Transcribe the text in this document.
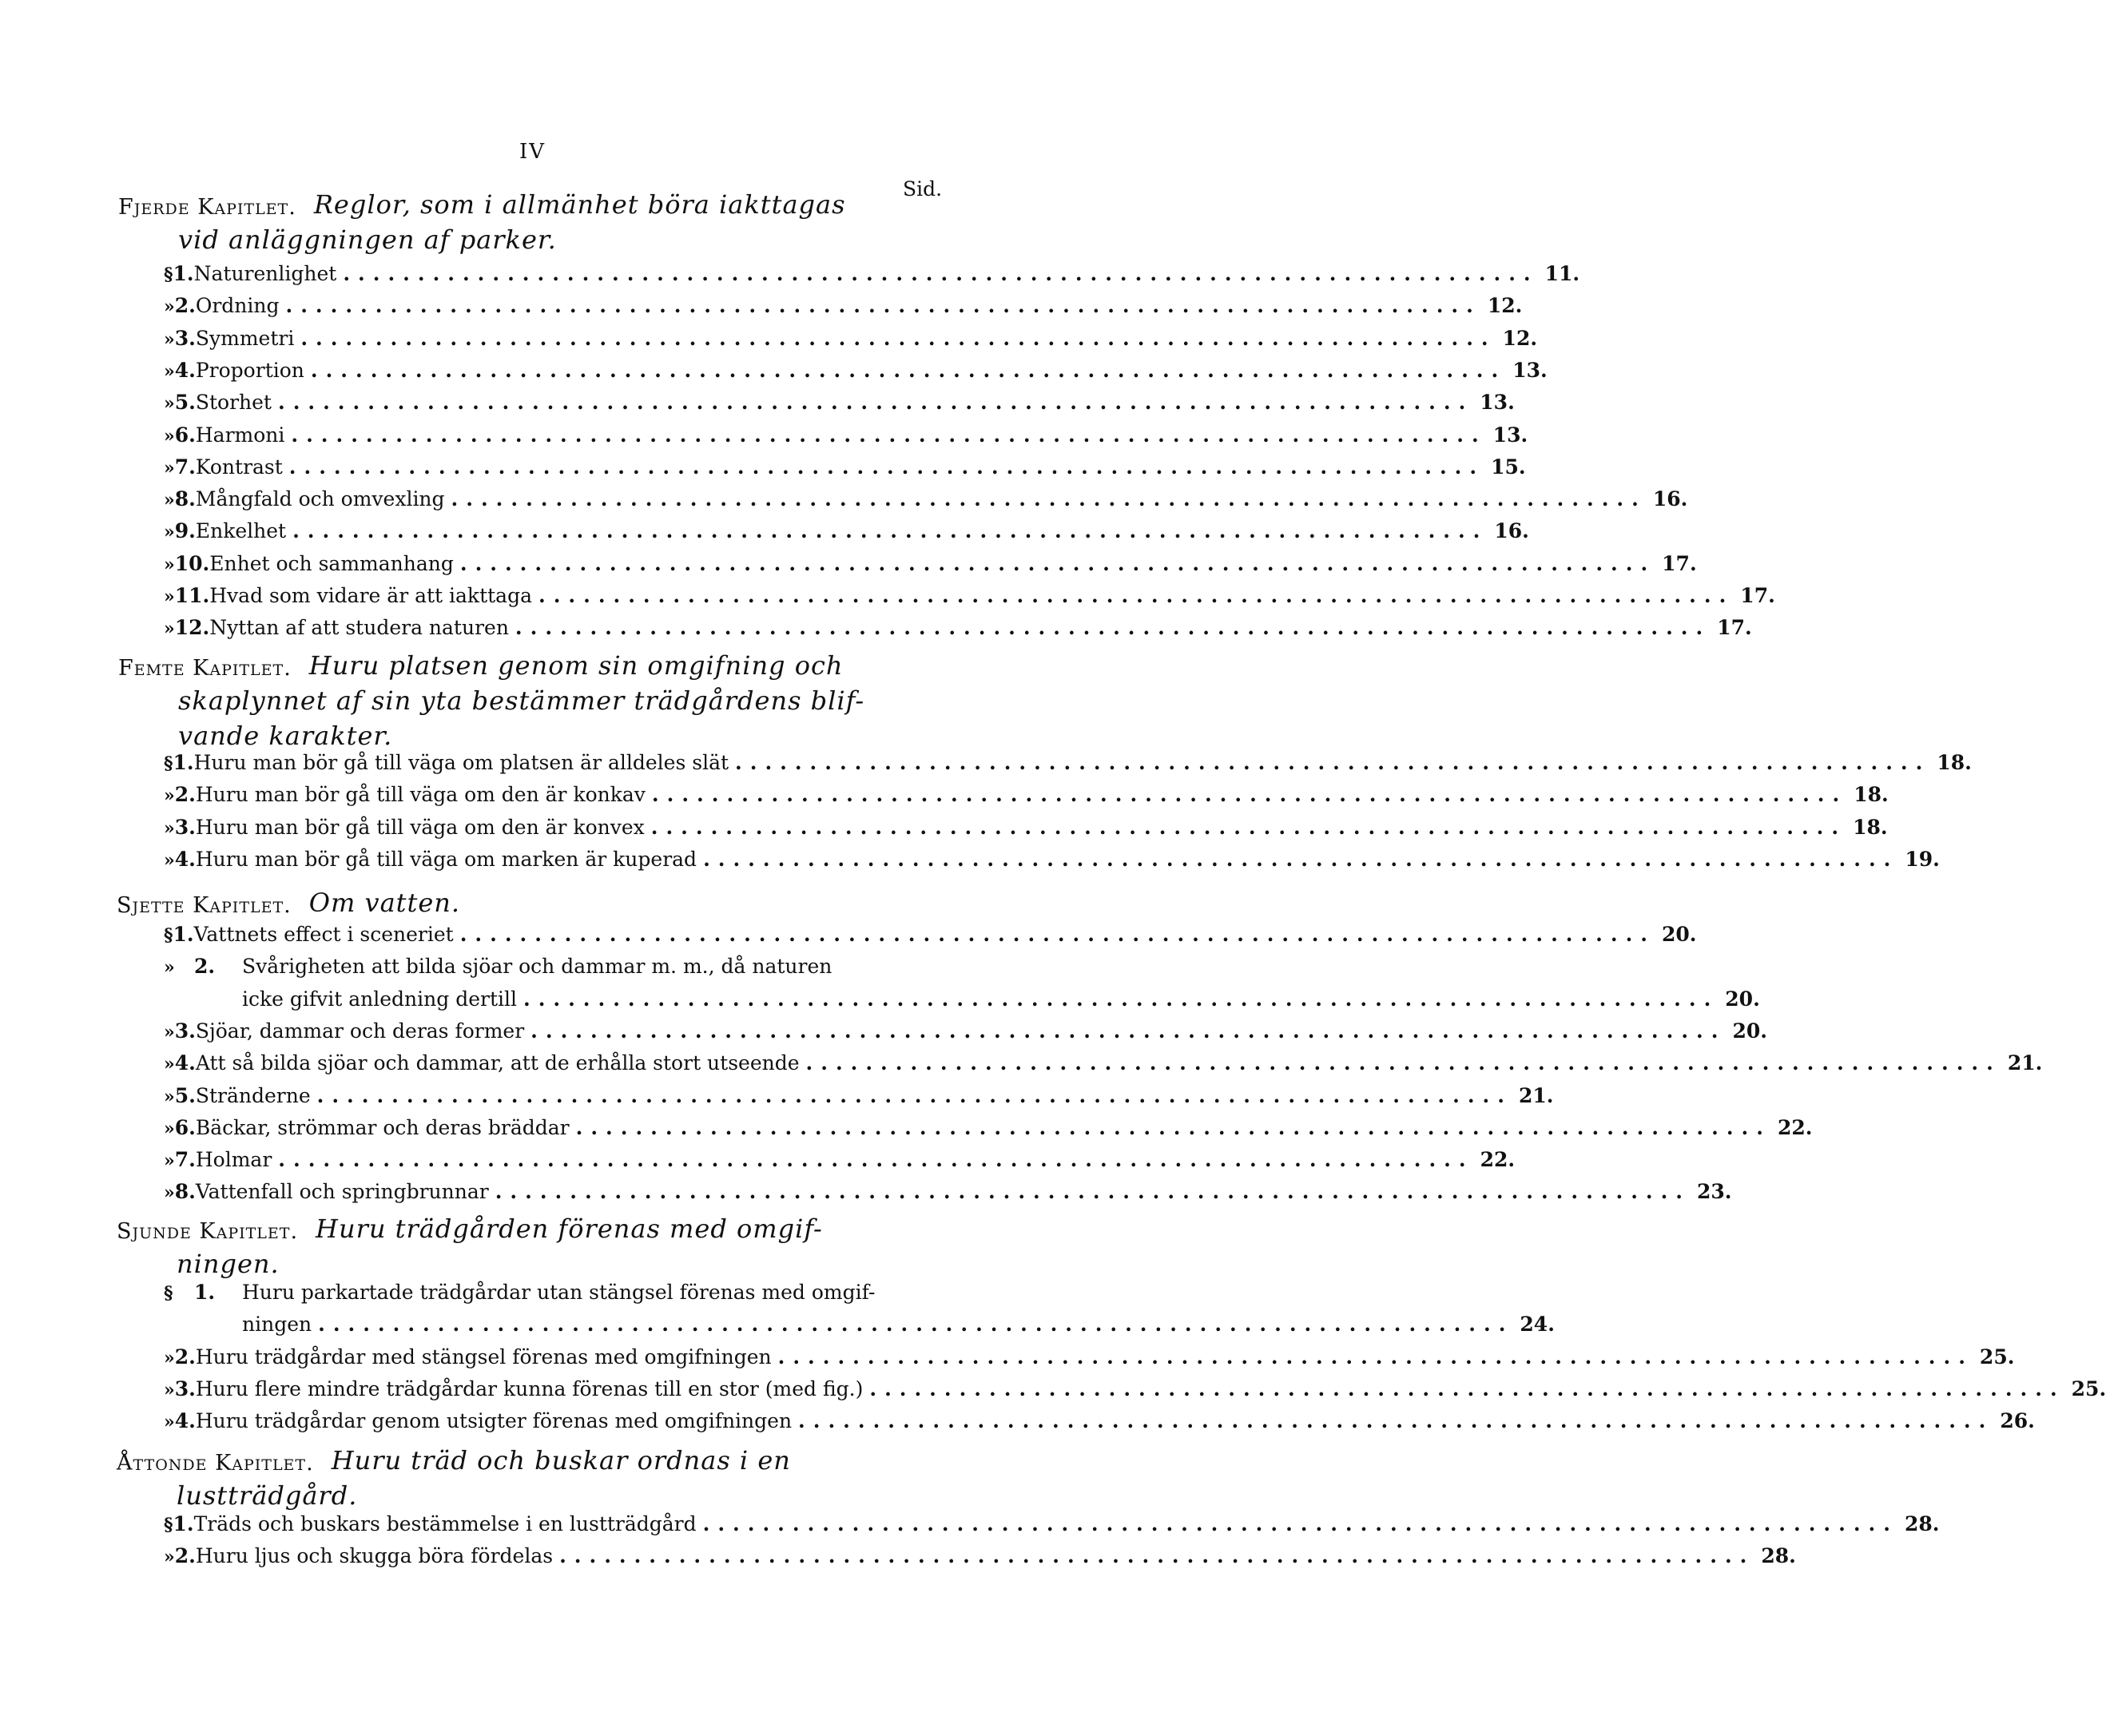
IV
Sid.
Fjerde Kapitlet. Reglor, som i allmänhet böra iakttagas
vid anläggningen af parker.
§ 1. Naturenlighet ................................................................................ 11.
» 2. Ordning ................................................................................ 12.
» 3. Symmetri ................................................................................ 12.
» 4. Proportion ................................................................................ 13.
» 5. Storhet ................................................................................ 13.
» 6. Harmoni ................................................................................ 13.
» 7. Kontrast ................................................................................ 15.
» 8. Mångfald och omvexling ................................................................................ 16.
» 9. Enkelhet ................................................................................ 16.
» 10. Enhet och sammanhang ................................................................................ 17.
» 11. Hvad som vidare är att iakttaga ................................................................................ 17.
» 12. Nyttan af att studera naturen ................................................................................ 17.
Femte Kapitlet. Huru platsen genom sin omgifning och
skaplynnet af sin yta bestämmer trädgårdens blif-
vande karakter.
§ 1. Huru man bör gå till väga om platsen är alldeles slät ................................................................................ 18.
» 2. Huru man bör gå till väga om den är konkav ................................................................................ 18.
» 3. Huru man bör gå till väga om den är konvex ................................................................................ 18.
» 4. Huru man bör gå till väga om marken är kuperad ................................................................................ 19.
Sjette Kapitlet. Om vatten.
§ 1. Vattnets effect i sceneriet ................................................................................ 20.
» 2.	Svårigheten att bilda sjöar och dammar m. m., då naturen
icke gifvit anledning dertill ................................................................................ 20.
» 3. Sjöar, dammar och deras former ................................................................................ 20.
» 4. Att så bilda sjöar och dammar, att de erhålla stort utseende ................................................................................ 21.
» 5. Stränderne ................................................................................ 21.
» 6. Bäckar, strömmar och deras bräddar ................................................................................ 22.
» 7. Holmar ................................................................................ 22.
» 8. Vattenfall och springbrunnar ................................................................................ 23.
Sjunde Kapitlet. Huru trädgården förenas med omgif-
ningen.
§	1.	Huru parkartade trädgårdar utan stängsel förenas med omgif-
ningen ................................................................................ 24.
» 2. Huru trädgårdar med stängsel förenas med omgifningen ................................................................................ 25.
» 3. Huru flere mindre trädgårdar kunna förenas till en stor (med fig.) ................................................................................ 25.
» 4. Huru trädgårdar genom utsigter förenas med omgifningen ................................................................................ 26.
Åttonde Kapitlet. Huru träd och buskar ordnas i en
lustträdgård.
§ 1. Träds och buskars bestämmelse i en lustträdgård ................................................................................ 28.
» 2. Huru ljus och skugga böra fördelas ................................................................................ 28.
